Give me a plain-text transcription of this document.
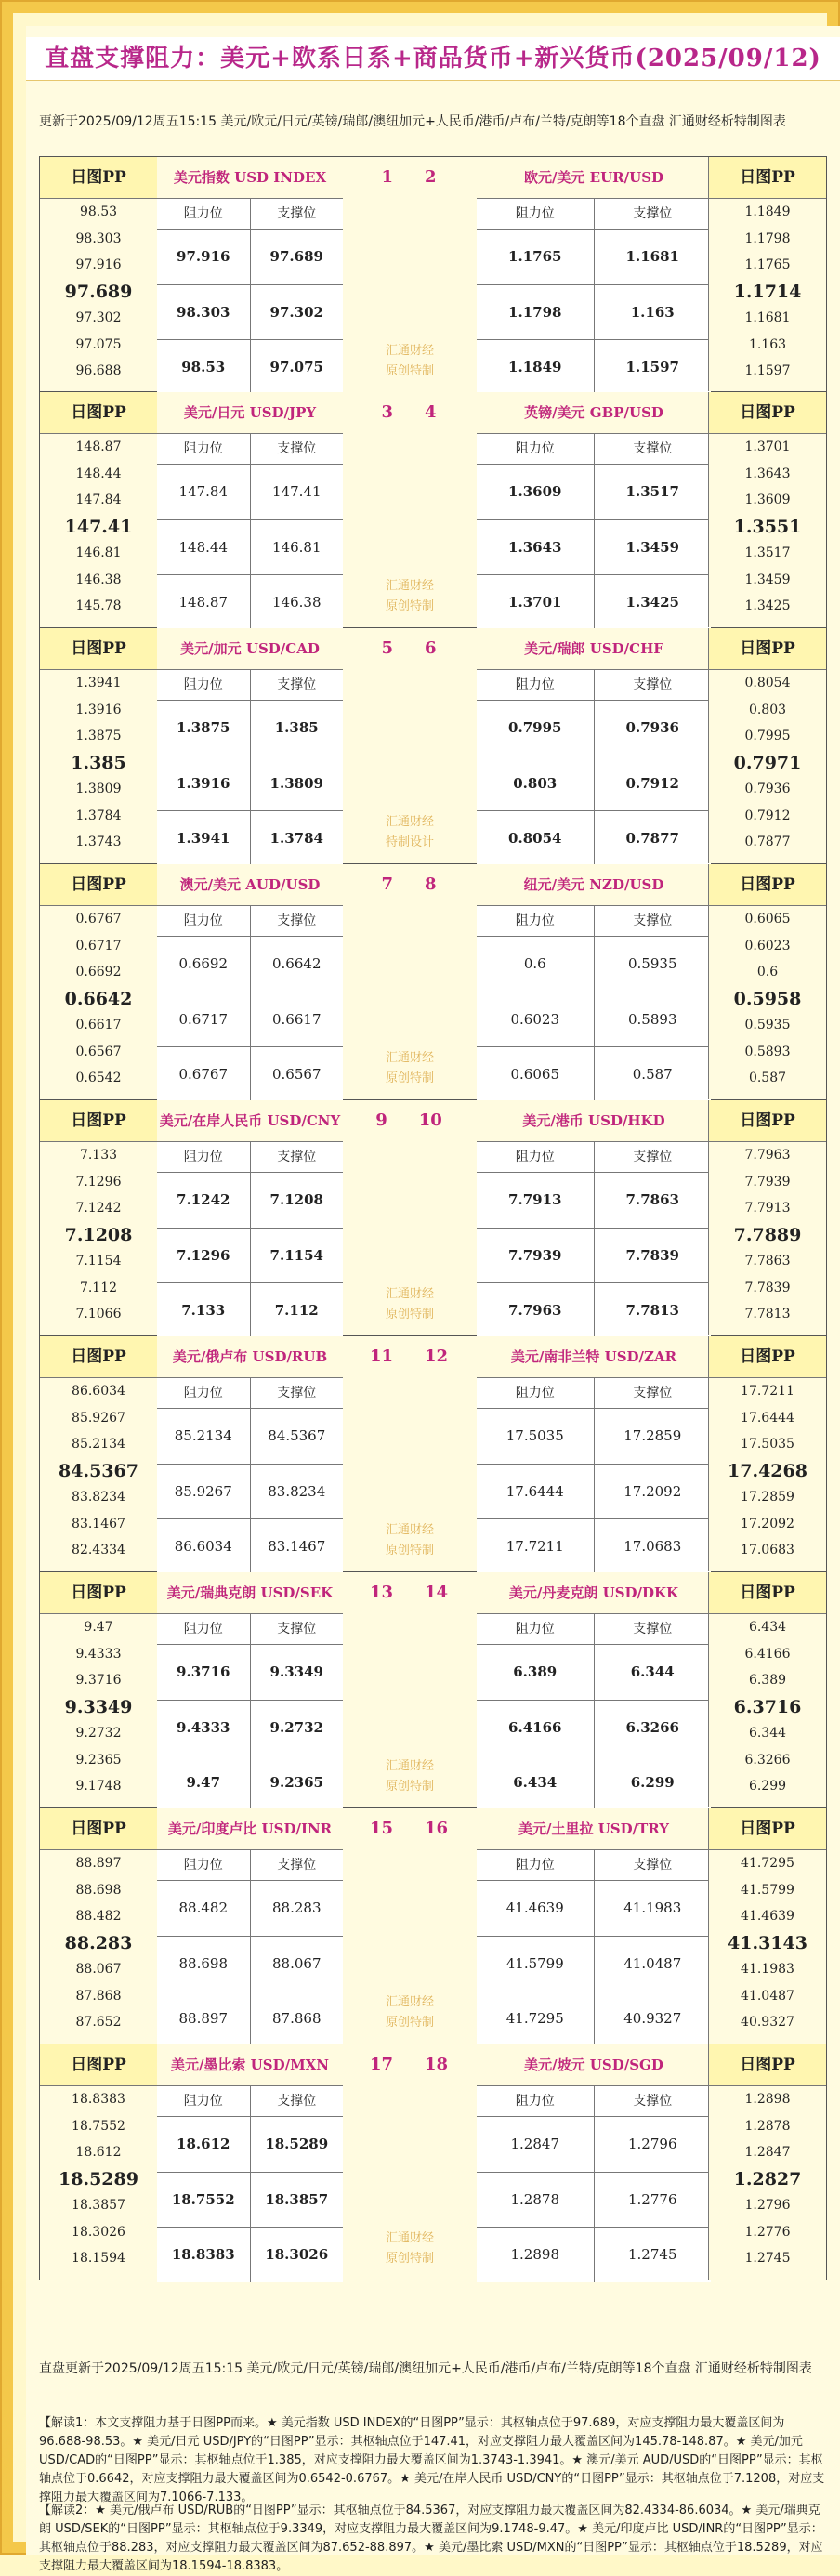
直盘支撑阻力：美元+欧系日系+商品货币+新兴货币(2025/09/12)
更新于2025/09/12周五15:15 美元/欧元/日元/英镑/瑞郎/澳纽加元+人民币/港币/卢布/兰特/克朗等18个直盘 汇通财经析特制图表
日图PP
98.53
98.303
97.916
97.689
97.302
97.075
96.688
美元指数 USD INDEX
阻力位	支撑位
97.916	97.689
98.303	97.302
98.53	97.075
欧元/美元 EUR/USD
阻力位	支撑位
1.1765	1.1681
1.1798	1.163
1.1849	1.1597
1 2
汇通财经
原创特制
日图PP
1.1849
1.1798
1.1765
1.1714
1.1681
1.163
1.1597
日图PP
148.87
148.44
147.84
147.41
146.81
146.38
145.78
美元/日元 USD/JPY
阻力位	支撑位
147.84	147.41
148.44	146.81
148.87	146.38
英镑/美元 GBP/USD
阻力位	支撑位
1.3609	1.3517
1.3643	1.3459
1.3701	1.3425
3 4
汇通财经
原创特制
日图PP
1.3701
1.3643
1.3609
1.3551
1.3517
1.3459
1.3425
日图PP
1.3941
1.3916
1.3875
1.385
1.3809
1.3784
1.3743
美元/加元 USD/CAD
阻力位	支撑位
1.3875	1.385
1.3916	1.3809
1.3941	1.3784
美元/瑞郎 USD/CHF
阻力位	支撑位
0.7995	0.7936
0.803	0.7912
0.8054	0.7877
5 6
汇通财经
特制设计
日图PP
0.8054
0.803
0.7995
0.7971
0.7936
0.7912
0.7877
日图PP
0.6767
0.6717
0.6692
0.6642
0.6617
0.6567
0.6542
澳元/美元 AUD/USD
阻力位	支撑位
0.6692	0.6642
0.6717	0.6617
0.6767	0.6567
纽元/美元 NZD/USD
阻力位	支撑位
0.6	0.5935
0.6023	0.5893
0.6065	0.587
7 8
汇通财经
原创特制
日图PP
0.6065
0.6023
0.6
0.5958
0.5935
0.5893
0.587
日图PP
7.133
7.1296
7.1242
7.1208
7.1154
7.112
7.1066
美元/在岸人民币 USD/CNY
阻力位	支撑位
7.1242	7.1208
7.1296	7.1154
7.133	7.112
美元/港币 USD/HKD
阻力位	支撑位
7.7913	7.7863
7.7939	7.7839
7.7963	7.7813
9 10
汇通财经
原创特制
日图PP
7.7963
7.7939
7.7913
7.7889
7.7863
7.7839
7.7813
日图PP
86.6034
85.9267
85.2134
84.5367
83.8234
83.1467
82.4334
美元/俄卢布 USD/RUB
阻力位	支撑位
85.2134	84.5367
85.9267	83.8234
86.6034	83.1467
美元/南非兰特 USD/ZAR
阻力位	支撑位
17.5035	17.2859
17.6444	17.2092
17.7211	17.0683
11 12
汇通财经
原创特制
日图PP
17.7211
17.6444
17.5035
17.4268
17.2859
17.2092
17.0683
日图PP
9.47
9.4333
9.3716
9.3349
9.2732
9.2365
9.1748
美元/瑞典克朗 USD/SEK
阻力位	支撑位
9.3716	9.3349
9.4333	9.2732
9.47	9.2365
美元/丹麦克朗 USD/DKK
阻力位	支撑位
6.389	6.344
6.4166	6.3266
6.434	6.299
13 14
汇通财经
原创特制
日图PP
6.434
6.4166
6.389
6.3716
6.344
6.3266
6.299
日图PP
88.897
88.698
88.482
88.283
88.067
87.868
87.652
美元/印度卢比 USD/INR
阻力位	支撑位
88.482	88.283
88.698	88.067
88.897	87.868
美元/土里拉 USD/TRY
阻力位	支撑位
41.4639	41.1983
41.5799	41.0487
41.7295	40.9327
15 16
汇通财经
原创特制
日图PP
41.7295
41.5799
41.4639
41.3143
41.1983
41.0487
40.9327
日图PP
18.8383
18.7552
18.612
18.5289
18.3857
18.3026
18.1594
美元/墨比索 USD/MXN
阻力位	支撑位
18.612	18.5289
18.7552	18.3857
18.8383	18.3026
美元/坡元 USD/SGD
阻力位	支撑位
1.2847	1.2796
1.2878	1.2776
1.2898	1.2745
17 18
汇通财经
原创特制
日图PP
1.2898
1.2878
1.2847
1.2827
1.2796
1.2776
1.2745
直盘更新于2025/09/12周五15:15 美元/欧元/日元/英镑/瑞郎/澳纽加元+人民币/港币/卢布/兰特/克朗等18个直盘 汇通财经析特制图表
【解读1：本文支撑阻力基于日图PP而来。★ 美元指数 USD INDEX的“日图PP”显示：其枢轴点位于97.689，对应支撑阻力最大覆盖区间为96.688-98.53。★ 美元/日元 USD/JPY的“日图PP”显示：其枢轴点位于147.41，对应支撑阻力最大覆盖区间为145.78-148.87。★ 美元/加元 USD/CAD的“日图PP”显示：其枢轴点位于1.385，对应支撑阻力最大覆盖区间为1.3743-1.3941。★ 澳元/美元 AUD/USD的“日图PP”显示：其枢轴点位于0.6642，对应支撑阻力最大覆盖区间为0.6542-0.6767。★ 美元/在岸人民币 USD/CNY的“日图PP”显示：其枢轴点位于7.1208，对应支撑阻力最大覆盖区间为7.1066-7.133。
【解读2：★ 美元/俄卢布 USD/RUB的“日图PP”显示：其枢轴点位于84.5367，对应支撑阻力最大覆盖区间为82.4334-86.6034。★ 美元/瑞典克朗 USD/SEK的“日图PP”显示：其枢轴点位于9.3349，对应支撑阻力最大覆盖区间为9.1748-9.47。★ 美元/印度卢比 USD/INR的“日图PP”显示：其枢轴点位于88.283，对应支撑阻力最大覆盖区间为87.652-88.897。★ 美元/墨比索 USD/MXN的“日图PP”显示：其枢轴点位于18.5289，对应支撑阻力最大覆盖区间为18.1594-18.8383。
